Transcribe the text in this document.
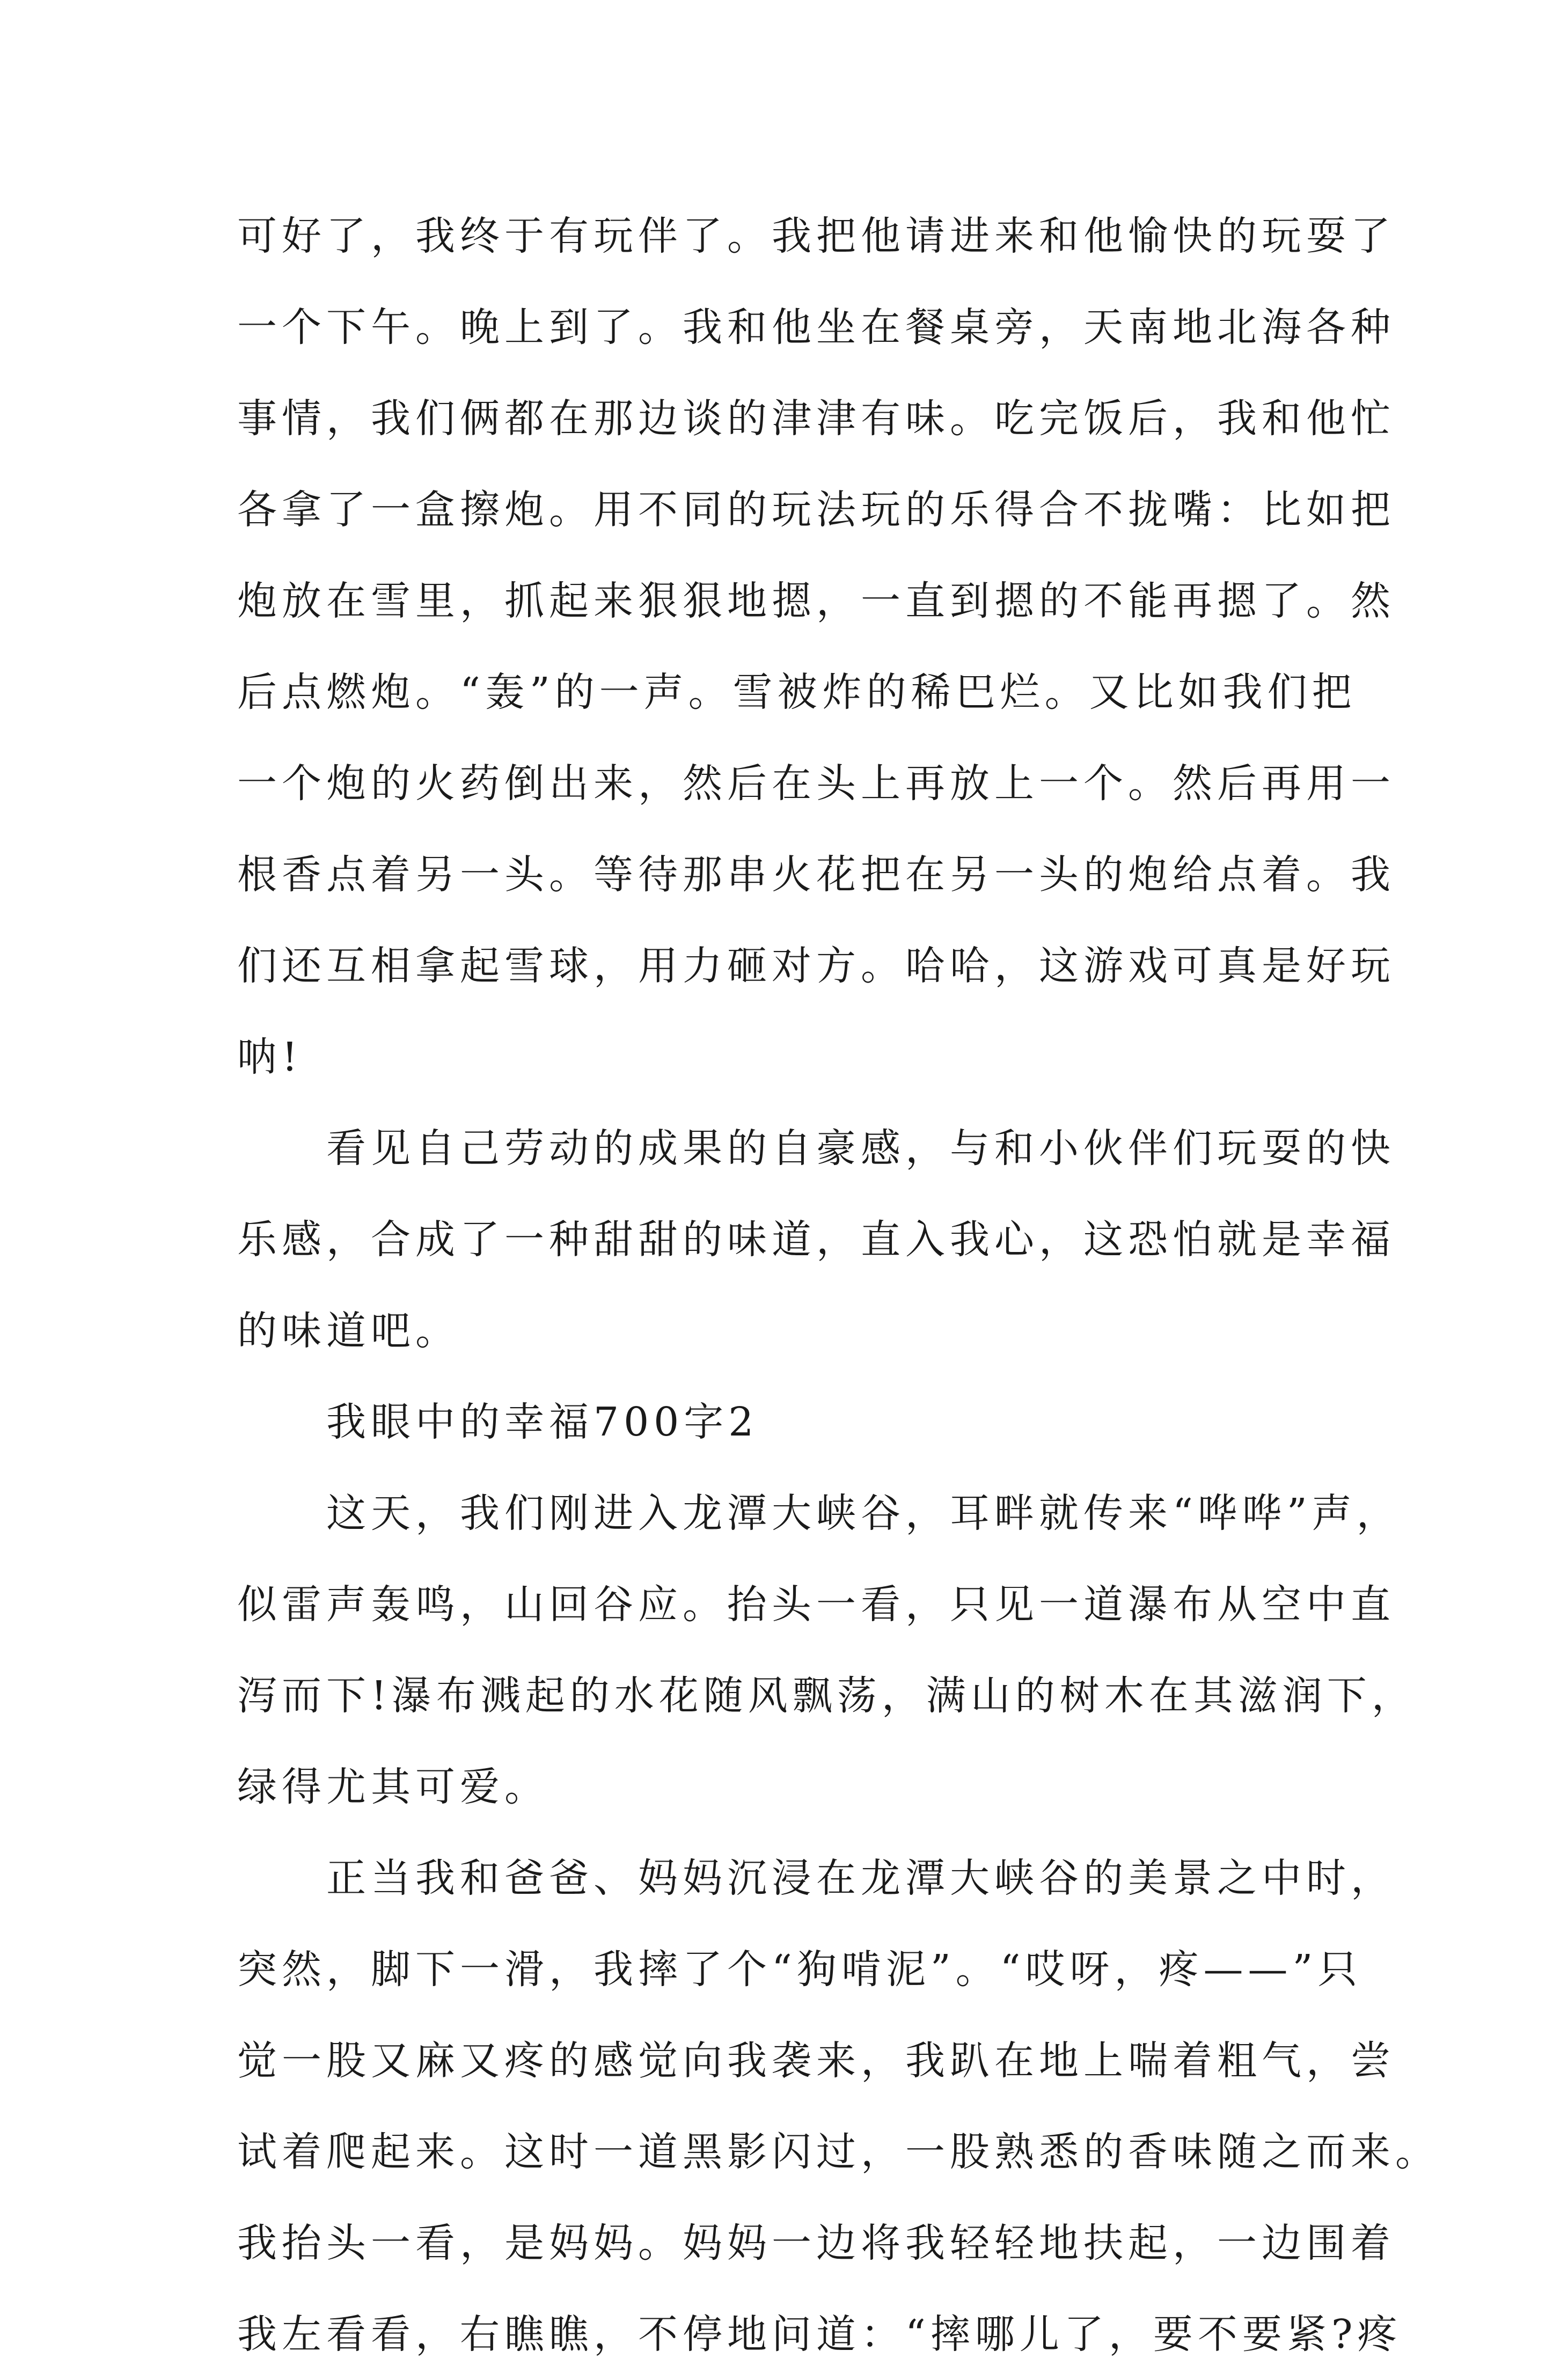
可好了，我终于有玩伴了。我把他请进来和他愉快的玩耍了
一个下午。晚上到了。我和他坐在餐桌旁，天南地北海各种
事情，我们俩都在那边谈的津津有味。吃完饭后，我和他忙
各拿了一盒擦炮。用不同的玩法玩的乐得合不拢嘴：比如把
炮放在雪里，抓起来狠狠地摁，一直到摁的不能再摁了。然
后点燃炮。“轰”的一声。雪被炸的稀巴烂。又比如我们把
一个炮的火药倒出来，然后在头上再放上一个。然后再用一
根香点着另一头。等待那串火花把在另一头的炮给点着。我
们还互相拿起雪球，用力砸对方。哈哈，这游戏可真是好玩
呐!
看见自己劳动的成果的自豪感，与和小伙伴们玩耍的快
乐感，合成了一种甜甜的味道，直入我心，这恐怕就是幸福
的味道吧。
我眼中的幸福700字2
这天，我们刚进入龙潭大峡谷，耳畔就传来“哗哗”声，
似雷声轰鸣，山回谷应。抬头一看，只见一道瀑布从空中直
泻而下!瀑布溅起的水花随风飘荡，满山的树木在其滋润下，
绿得尤其可爱。
正当我和爸爸、妈妈沉浸在龙潭大峡谷的美景之中时，
突然，脚下一滑，我摔了个“狗啃泥”。“哎呀，疼——”只
觉一股又麻又疼的感觉向我袭来，我趴在地上喘着粗气，尝
试着爬起来。这时一道黑影闪过，一股熟悉的香味随之而来。
我抬头一看，是妈妈。妈妈一边将我轻轻地扶起，一边围着
我左看看，右瞧瞧，不停地问道：“摔哪儿了，要不要紧?疼
